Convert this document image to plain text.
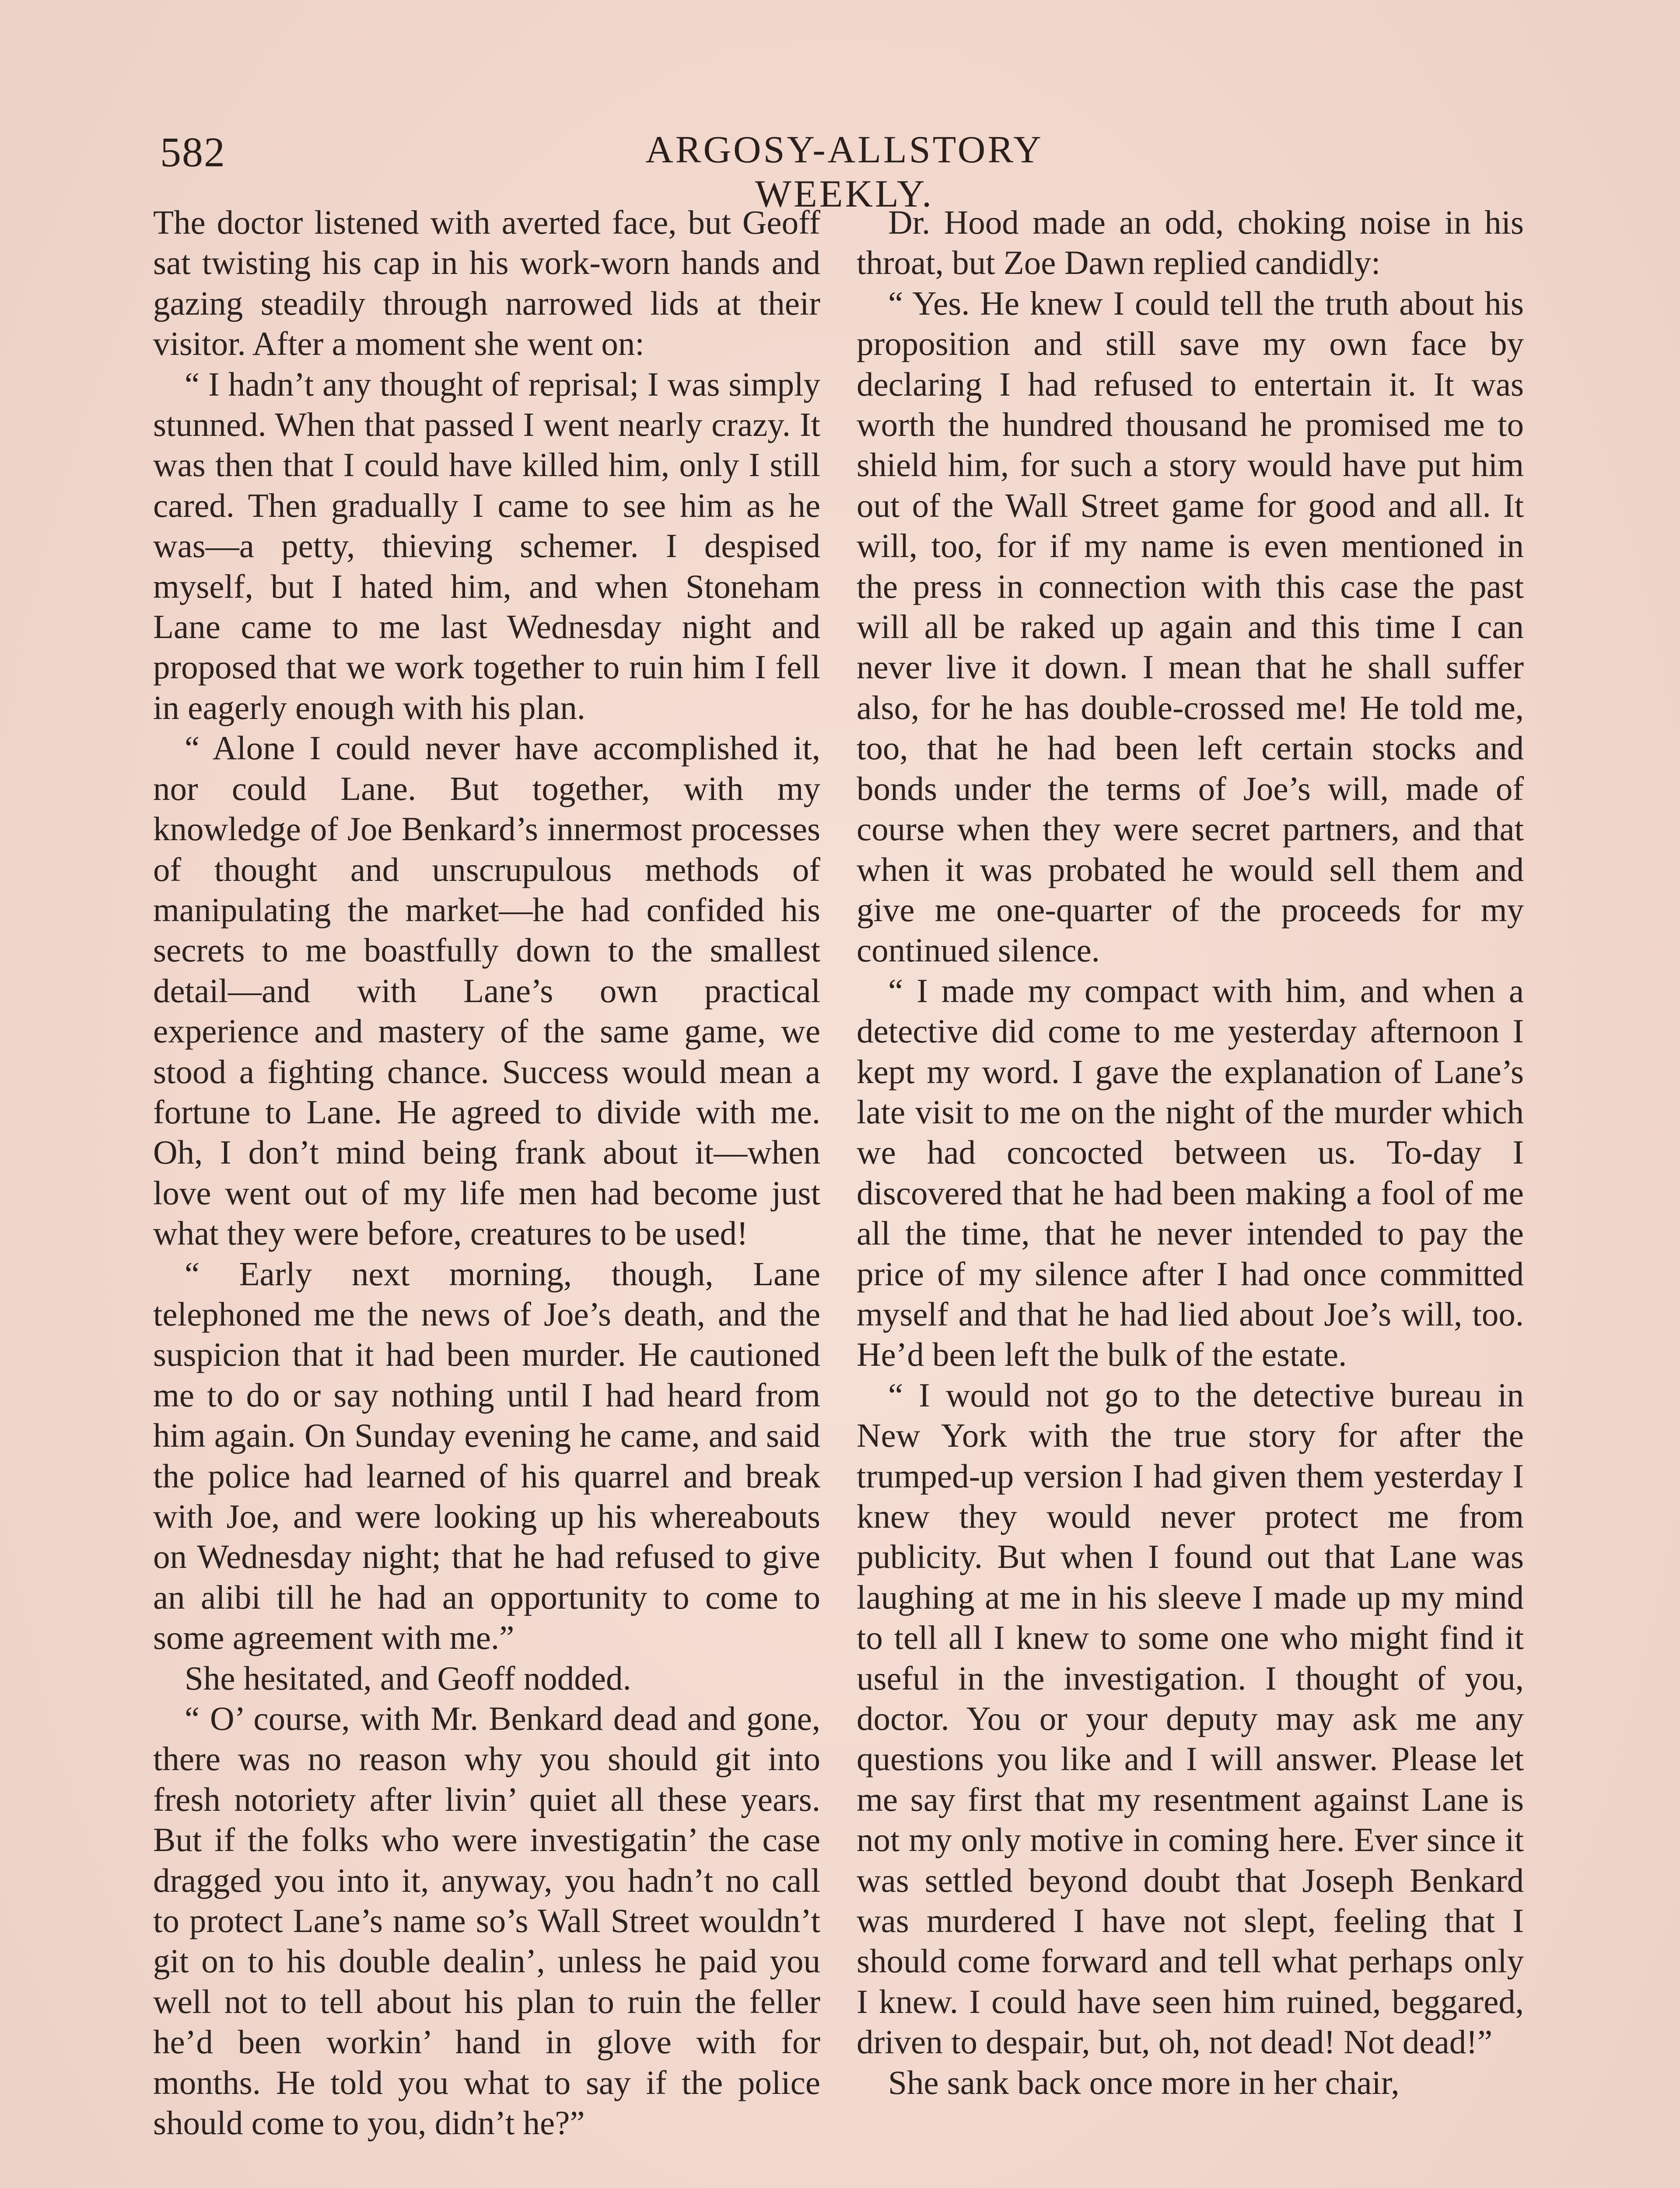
582	ARGOSY-ALLSTORY WEEKLY.

The doctor listened with averted face, but Geoff sat twisting his cap in his work-worn hands and gazing steadily through narrowed lids at their visitor. After a moment she went on:

“ I hadn’t any thought of reprisal; I was simply stunned. When that passed I went nearly crazy. It was then that I could have killed him, only I still cared. Then gradually I came to see him as he was—a petty, thieving schemer. I despised myself, but I hated him, and when Stoneham Lane came to me last Wednesday night and proposed that we work together to ruin him I fell in eagerly enough with his plan.

“ Alone I could never have accomplished it, nor could Lane. But together, with my knowledge of Joe Benkard’s innermost processes of thought and unscrupulous methods of manipulating the market—he had confided his secrets to me boastfully down to the smallest detail—and with Lane’s own practical experience and mastery of the same game, we stood a fighting chance. Success would mean a fortune to Lane. He agreed to divide with me. Oh, I don’t mind being frank about it—when love went out of my life men had become just what they were before, creatures to be used!

“ Early next morning, though, Lane telephoned me the news of Joe’s death, and the suspicion that it had been murder. He cautioned me to do or say nothing until I had heard from him again. On Sunday evening he came, and said the police had learned of his quarrel and break with Joe, and were looking up his whereabouts on Wednesday night; that he had refused to give an alibi till he had an opportunity to come to some agreement with me.”

She hesitated, and Geoff nodded.

“ O’ course, with Mr. Benkard dead and gone, there was no reason why you should git into fresh notoriety after livin’ quiet all these years. But if the folks who were investigatin’ the case dragged you into it, anyway, you hadn’t no call to protect Lane’s name so’s Wall Street wouldn’t git on to his double dealin’, unless he paid you well not to tell about his plan to ruin the feller he’d been workin’ hand in glove with for months. He told you what to say if the police should come to you, didn’t he?”

Dr. Hood made an odd, choking noise in his throat, but Zoe Dawn replied candidly:

“ Yes. He knew I could tell the truth about his proposition and still save my own face by declaring I had refused to entertain it. It was worth the hundred thousand he promised me to shield him, for such a story would have put him out of the Wall Street game for good and all. It will, too, for if my name is even mentioned in the press in connection with this case the past will all be raked up again and this time I can never live it down. I mean that he shall suffer also, for he has double-crossed me! He told me, too, that he had been left certain stocks and bonds under the terms of Joe’s will, made of course when they were secret partners, and that when it was probated he would sell them and give me one-quarter of the proceeds for my continued silence.

“ I made my compact with him, and when a detective did come to me yesterday afternoon I kept my word. I gave the explanation of Lane’s late visit to me on the night of the murder which we had concocted between us. To-day I discovered that he had been making a fool of me all the time, that he never intended to pay the price of my silence after I had once committed myself and that he had lied about Joe’s will, too. He’d been left the bulk of the estate.

“ I would not go to the detective bureau in New York with the true story for after the trumped-up version I had given them yesterday I knew they would never protect me from publicity. But when I found out that Lane was laughing at me in his sleeve I made up my mind to tell all I knew to some one who might find it useful in the investigation. I thought of you, doctor. You or your deputy may ask me any questions you like and I will answer. Please let me say first that my resentment against Lane is not my only motive in coming here. Ever since it was settled beyond doubt that Joseph Benkard was murdered I have not slept, feeling that I should come forward and tell what perhaps only I knew. I could have seen him ruined, beggared, driven to despair, but, oh, not dead! Not dead!”

She sank back once more in her chair,
